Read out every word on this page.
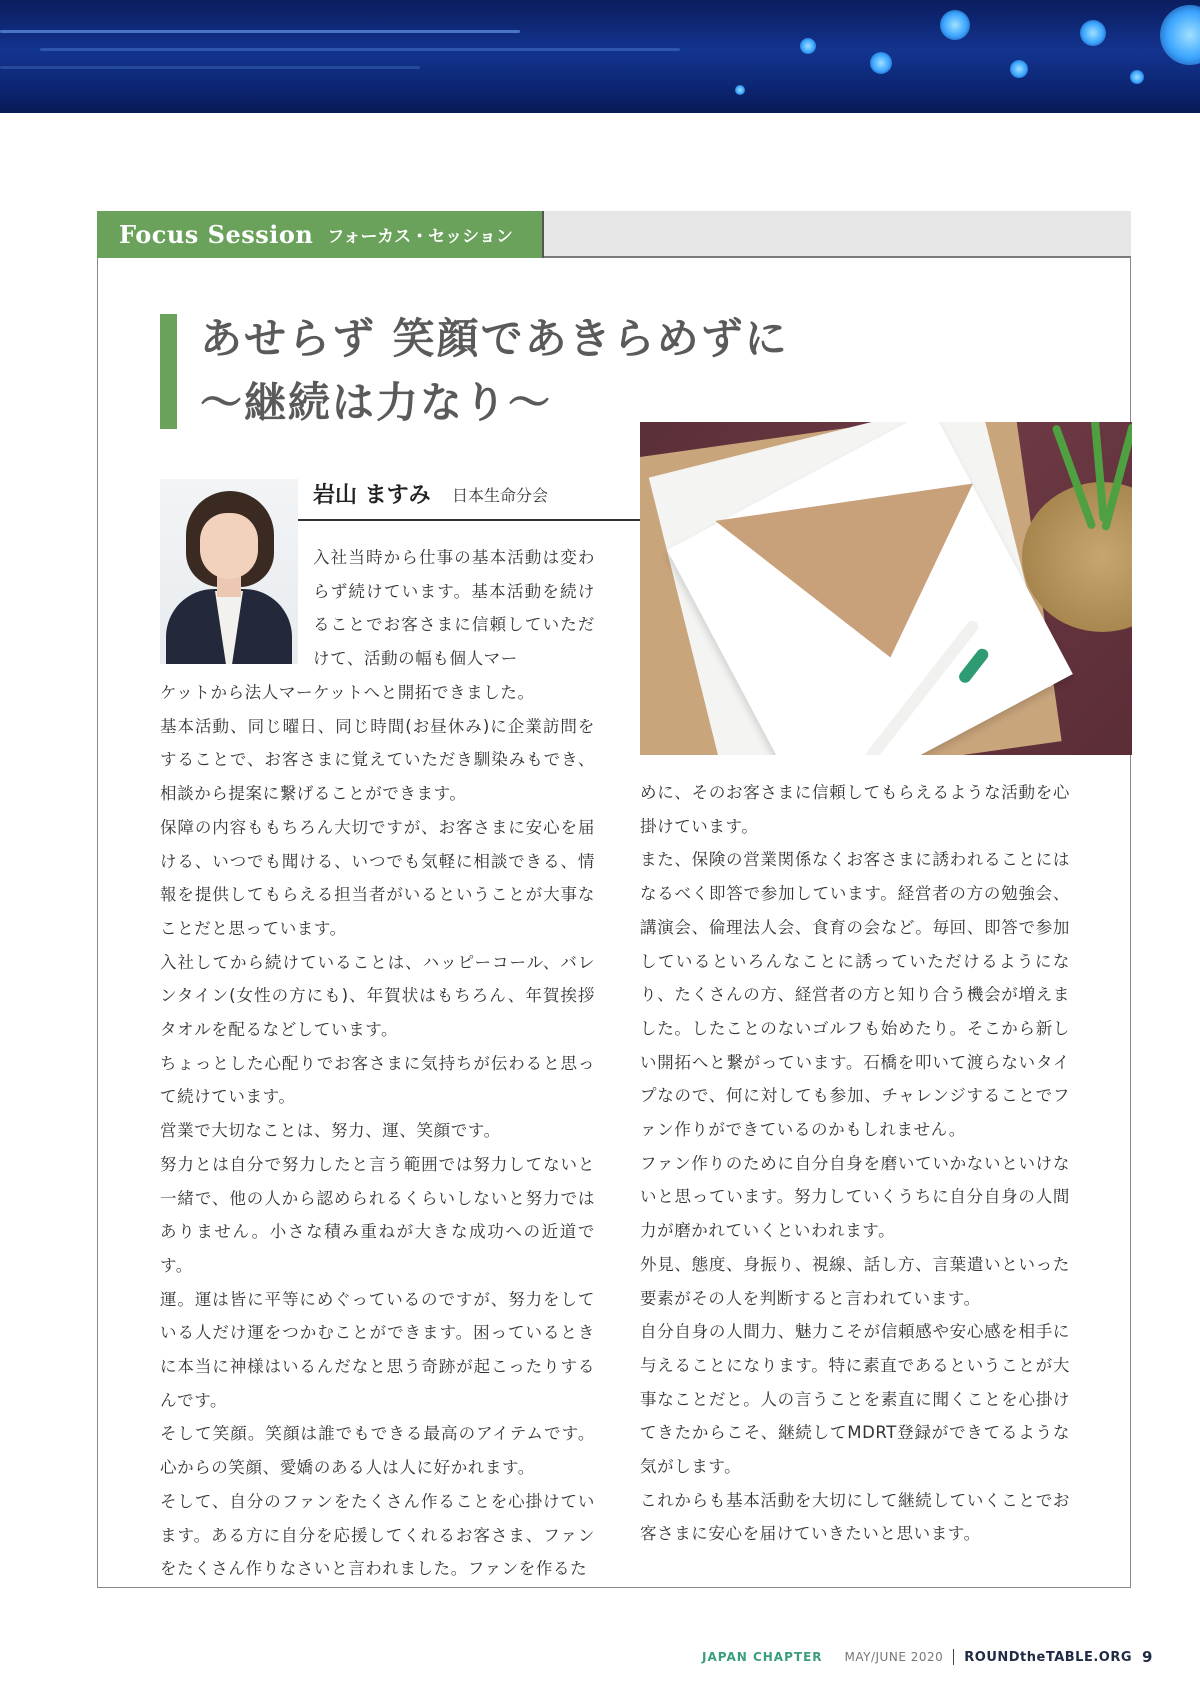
Focus Session フォーカス・セッション
あせらず 笑顔であきらめずに
〜継続は力なり〜
岩山 ますみ 日本生命分会

入社当時から仕事の基本活動は変わらず続けています。基本活動を続けることでお客さまに信頼していただけて、活動の幅も個人マー

ケットから法人マーケットへと開拓できました。

基本活動、同じ曜日、同じ時間(お昼休み)に企業訪問をすることで、お客さまに覚えていただき馴染みもでき、相談から提案に繋げることができます。

保障の内容ももちろん大切ですが、お客さまに安心を届ける、いつでも聞ける、いつでも気軽に相談できる、情報を提供してもらえる担当者がいるということが大事なことだと思っています。

入社してから続けていることは、ハッピーコール、バレンタイン(女性の方にも)、年賀状はもちろん、年賀挨拶タオルを配るなどしています。

ちょっとした心配りでお客さまに気持ちが伝わると思って続けています。

営業で大切なことは、努力、運、笑顔です。

努力とは自分で努力したと言う範囲では努力してないと一緒で、他の人から認められるくらいしないと努力ではありません。小さな積み重ねが大きな成功への近道です。

運。運は皆に平等にめぐっているのですが、努力をしている人だけ運をつかむことができます。困っているときに本当に神様はいるんだなと思う奇跡が起こったりするんです。

そして笑顔。笑顔は誰でもできる最高のアイテムです。心からの笑顔、愛嬌のある人は人に好かれます。

そして、自分のファンをたくさん作ることを心掛けています。ある方に自分を応援してくれるお客さま、ファンをたくさん作りなさいと言われました。ファンを作るた

めに、そのお客さまに信頼してもらえるような活動を心掛けています。

また、保険の営業関係なくお客さまに誘われることにはなるべく即答で参加しています。経営者の方の勉強会、講演会、倫理法人会、食育の会など。毎回、即答で参加しているといろんなことに誘っていただけるようになり、たくさんの方、経営者の方と知り合う機会が増えました。したことのないゴルフも始めたり。そこから新しい開拓へと繋がっています。石橋を叩いて渡らないタイプなので、何に対しても参加、チャレンジすることでファン作りができているのかもしれません。

ファン作りのために自分自身を磨いていかないといけないと思っています。努力していくうちに自分自身の人間力が磨かれていくといわれます。

外見、態度、身振り、視線、話し方、言葉遣いといった要素がその人を判断すると言われています。

自分自身の人間力、魅力こそが信頼感や安心感を相手に与えることになります。特に素直であるということが大事なことだと。人の言うことを素直に聞くことを心掛けてきたからこそ、継続してMDRT登録ができてるような気がします。

これからも基本活動を大切にして継続していくことでお客さまに安心を届けていきたいと思います。

JAPAN CHAPTER MAY/JUNE 2020 ROUNDtheTABLE.ORG 9
